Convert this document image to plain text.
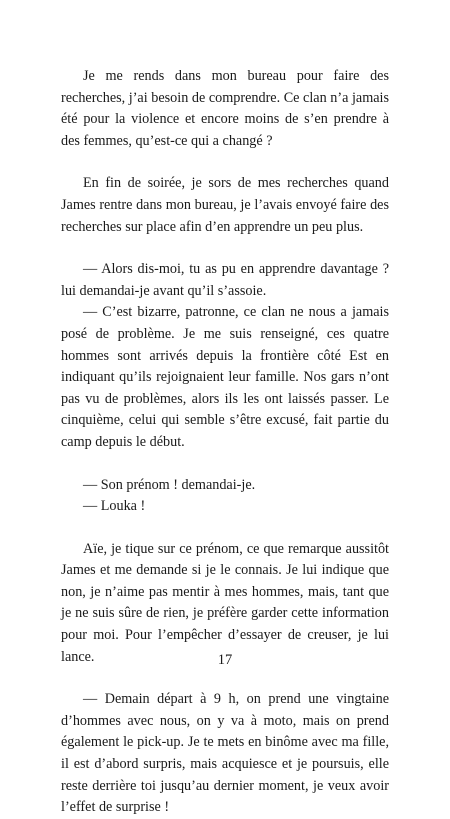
Je me rends dans mon bureau pour faire des recherches, j’ai besoin de comprendre. Ce clan n’a jamais été pour la violence et encore moins de s’en prendre à des femmes, qu’est-ce qui a changé ?

En fin de soirée, je sors de mes recherches quand James rentre dans mon bureau, je l’avais envoyé faire des recherches sur place afin d’en apprendre un peu plus.

— Alors dis-moi, tu as pu en apprendre davantage ? lui demandai-je avant qu’il s’assoie.

— C’est bizarre, patronne, ce clan ne nous a jamais posé de problème. Je me suis renseigné, ces quatre hommes sont arrivés depuis la frontière côté Est en indiquant qu’ils rejoignaient leur famille. Nos gars n’ont pas vu de problèmes, alors ils les ont laissés passer. Le cinquième, celui qui semble s’être excusé, fait partie du camp depuis le début.

— Son prénom ! demandai-je.

— Louka !

Aïe, je tique sur ce prénom, ce que remarque aussitôt James et me demande si je le connais. Je lui indique que non, je n’aime pas mentir à mes hommes, mais, tant que je ne suis sûre de rien, je préfère garder cette information pour moi. Pour l’empêcher d’essayer de creuser, je lui lance.

— Demain départ à 9 h, on prend une vingtaine d’hommes avec nous, on y va à moto, mais on prend également le pick-up. Je te mets en binôme avec ma fille, il est d’abord surpris, mais acquiesce et je poursuis, elle reste derrière toi jusqu’au dernier moment, je veux avoir l’effet de surprise !

17
